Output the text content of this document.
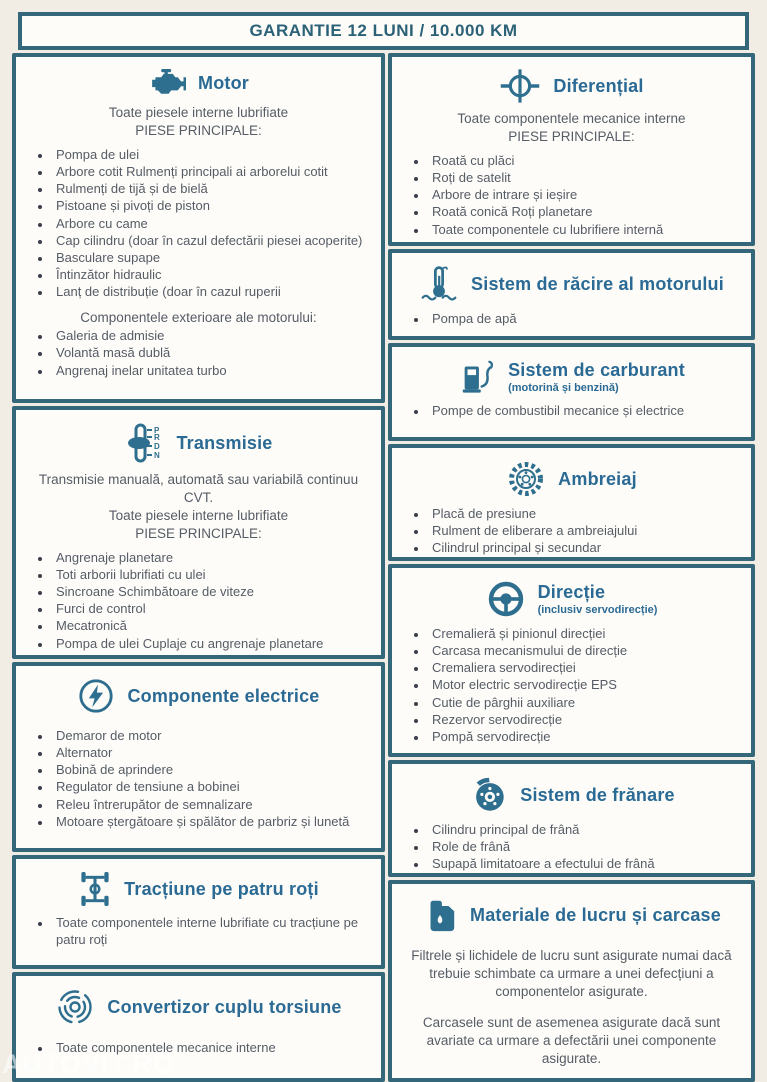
GARANTIE 12 LUNI / 10.000 KM
Motor
Toate piesele interne lubrifiate
PIESE PRINCIPALE:
• Pompa de ulei
• Arbore cotit Rulmenți principali ai arborelui cotit
• Rulmenți de tijă și de bielă
• Pistoane și pivoți de piston
• Arbore cu came
• Cap cilindru (doar în cazul defectării piesei acoperite)
• Basculare supape
• Întinzător hidraulic
• Lanț de distribuție (doar în cazul ruperii
Componentele exterioare ale motorului:
• Galeria de admisie
• Volantă masă dublă
• Angrenaj inelar unitatea turbo
P
R
D
N
Transmisie
Transmisie manuală, automată sau variabilă continuu CVT.
Toate piesele interne lubrifiate
PIESE PRINCIPALE:
• Angrenaje planetare
• Toti arborii lubrifiati cu ulei
• Sincroane Schimbătoare de viteze
• Furci de control
• Mecatronică
• Pompa de ulei Cuplaje cu angrenaje planetare
Componente electrice
• Demaror de motor
• Alternator
• Bobină de aprindere
• Regulator de tensiune a bobinei
• Releu întrerupător de semnalizare
• Motoare ștergătoare și spălător de parbriz și lunetă
Tracțiune pe patru roți
• Toate componentele interne lubrifiate cu tracțiune pe patru roți
Convertizor cuplu torsiune
• Toate componentele mecanice interne
Diferențial
Toate componentele mecanice interne
PIESE PRINCIPALE:
• Roată cu plăci
• Roți de satelit
• Arbore de intrare și ieșire
• Roată conică Roți planetare
• Toate componentele cu lubrifiere internă
Sistem de răcire al motorului
• Pompa de apă
Sistem de carburant
(motorină și benzină)
• Pompe de combustibil mecanice și electrice
Ambreiaj
• Placă de presiune
• Rulment de eliberare a ambreiajului
• Cilindrul principal și secundar
Direcție
(inclusiv servodirecție)
• Cremalieră și pinionul direcției
• Carcasa mecanismului de direcție
• Cremaliera servodirecției
• Motor electric servodirecție EPS
• Cutie de pârghii auxiliare
• Rezervor servodirecție
• Pompă servodirecție
Sistem de frănare
• Cilindru principal de frână
• Role de frână
• Supapă limitatoare a efectului de frână
Materiale de lucru și carcase

Filtrele și lichidele de lucru sunt asigurate numai dacă trebuie schimbate ca urmare a unei defecțiuni a componentelor asigurate.

Carcasele sunt de asemenea asigurate dacă sunt avariate ca urmare a defectării unei componente asigurate.

AUTOVIT.RO
